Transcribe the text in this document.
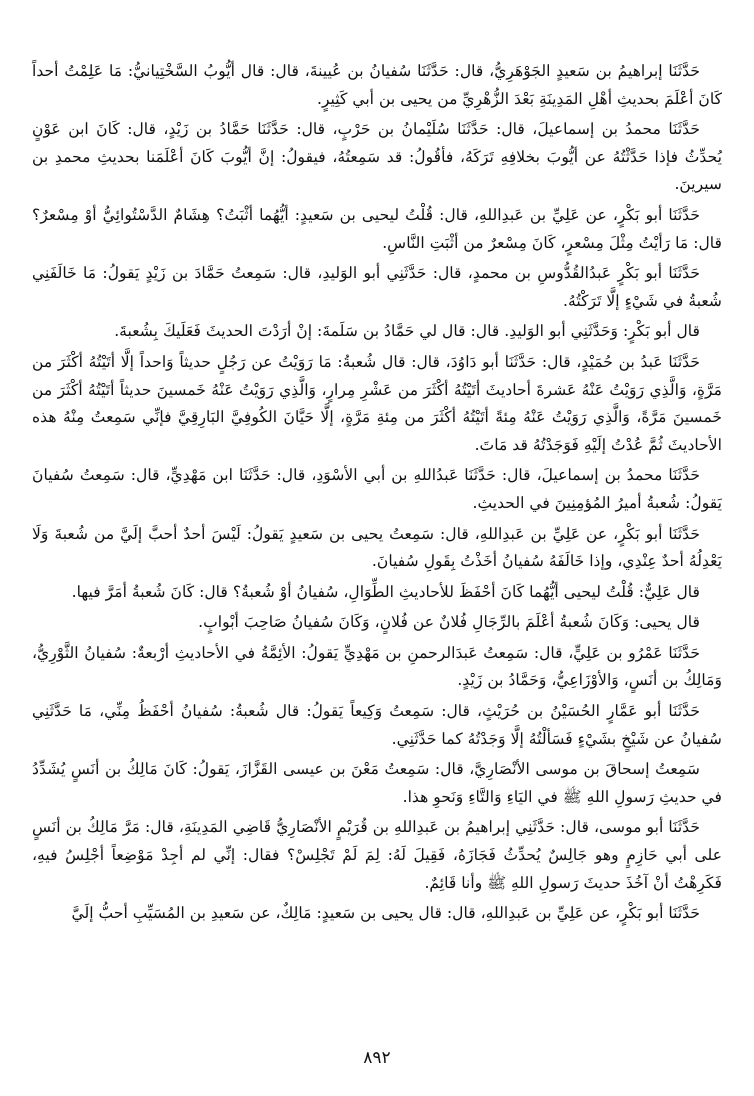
حَدَّثَنَا إبراهيمُ بن سَعيدٍ الجَوْهَرِيُّ، قال: حَدَّثَنَا سُفيانُ بن عُيينةَ، قال: قال أيُّوبُ السَّخْتِيانيُّ: مَا عَلِمْتُ أحداً كَانَ أعْلَمَ بحديثِ أهْلِ المَدِينَةِ بَعْدَ الزُّهْرِيِّ من يحيى بن أبي كَثِيرٍ.

حَدَّثَنَا محمدُ بن إسماعيلَ، قال: حَدَّثَنَا سُلَيْمانُ بن حَرْبٍ، قال: حَدَّثَنَا حَمَّادُ بن زَيْدٍ، قال: كَانَ ابن عَوْنٍ يُحدِّثُ فإذا حَدَّثْتُهُ عن أيُّوبَ بخلافِهِ تَرَكَهُ، فأقُولُ: قد سَمِعتُهُ، فيقولُ: إنَّ أيُّوبَ كَانَ أعْلَمَنا بحديثِ محمدِ بن سيرينَ.

حَدَّثَنَا أبو بَكْرٍ، عن عَلِيِّ بن عَبدِاللهِ، قال: قُلْتُ ليحيى بن سَعيدٍ: أيُّهُما أثْبَتُ؟ هِشَامٌ الدَّسْتُوائِيُّ أوْ مِسْعرٌ؟ قال: مَا رَأيْتُ مِثْلَ مِسْعرٍ، كَانَ مِسْعرٌ من أثْبَتِ النَّاسِ.

حَدَّثَنَا أبو بَكْرٍ عَبدُالقُدُّوسِ بن محمدٍ، قال: حَدَّثَنِي أبو الوَليدِ، قال: سَمِعتُ حَمَّادَ بن زَيْدٍ يَقولُ: مَا خَالَفَنِي شُعبةُ في شَيْءٍ إلَّا تَرَكْتُهُ.

قال أبو بَكْرٍ: وَحَدَّثَنِي أبو الوَليدِ. قال: قال لي حَمَّادُ بن سَلَمةَ: إنْ أرَدْتَ الحديثَ فَعَلَيكَ بِشُعبةَ.

حَدَّثَنَا عَبدُ بن حُمَيْدٍ، قال: حَدَّثَنَا أبو دَاوُدَ، قال: قال شُعبةُ: مَا رَوَيْتُ عن رَجُلٍ حديثاً وَاحداً إلَّا أتَيْتُهُ أكْثَرَ من مَرَّةٍ، وَالَّذِي رَوَيْتُ عَنْهُ عَشرةَ أحاديثَ أتَيْتُهُ أكْثَرَ من عَشْرِ مِرارٍ، وَالَّذِي رَوَيْتُ عَنْهُ خَمسينَ حديثاً أتَيْتُهُ أكْثَرَ من خَمسينَ مَرَّةً، وَالَّذِي رَوَيْتُ عَنْهُ مِئةً أتَيْتُهُ أكْثَرَ من مِئةِ مَرَّةٍ، إلَّا حَيَّانَ الكُوفِيَّ البَارِقِيَّ فإنِّي سَمِعتُ مِنْهُ هذه الأحاديثَ ثُمَّ عُدْتُ إلَيْهِ فَوَجَدْتُهُ قد مَاتَ.

حَدَّثَنَا محمدُ بن إسماعيلَ، قال: حَدَّثَنَا عَبدُاللهِ بن أبي الأسْوَدِ، قال: حَدَّثَنَا ابن مَهْدِيٍّ، قال: سَمِعتُ سُفيانَ يَقولُ: شُعبةُ أميرُ المُؤمِنِينَ في الحديثِ.

حَدَّثَنَا أبو بَكْرٍ، عن عَلِيِّ بن عَبدِاللهِ، قال: سَمِعتُ يحيى بن سَعيدٍ يَقولُ: لَيْسَ أحدٌ أحبَّ إلَيَّ من شُعبةَ وَلَا يَعْدِلُهُ أحدٌ عِنْدِي، وإذا خَالَفَهُ سُفيانُ أخَذْتُ بِقَولِ سُفيانَ.

قال عَلِيٌّ: قُلْتُ ليحيى أيُّهُما كَانَ أحْفَظَ للأحاديثِ الطِّوَالِ، سُفيانُ أوْ شُعبةُ؟ قال: كَانَ شُعبةُ أمَرَّ فيها.

قال يحيى: وَكَانَ شُعبةُ أعْلَمَ بالرِّجَالِ فُلانٌ عن فُلانٍ، وَكَانَ سُفيانُ صَاحِبَ أبْوابٍ.

حَدَّثَنَا عَمْرُو بن عَلِيٍّ، قال: سَمِعتُ عَبدَالرحمنِ بن مَهْدِيٍّ يَقولُ: الأئِمَّةُ في الأحاديثِ أرْبعةٌ: سُفيانُ الثَّوْرِيُّ، وَمَالِكُ بن أنَسٍ، وَالأوْزَاعِيُّ، وَحَمَّادُ بن زَيْدٍ.

حَدَّثَنَا أبو عَمَّارٍ الحُسَيْنُ بن حُرَيْثٍ، قال: سَمِعتُ وَكِيعاً يَقولُ: قال شُعبةُ: سُفيانُ أحْفَظُ مِنِّي، مَا حَدَّثَنِي سُفيانُ عن شَيْخٍ بشَيْءٍ فَسَألْتُهُ إلَّا وَجَدْتُهُ كما حَدَّثَنِي.

سَمِعتُ إسحاقَ بن موسى الأنْصَارِيَّ، قال: سَمِعتُ مَعْنَ بن عيسى القَزَّازَ، يَقولُ: كَانَ مَالِكُ بن أنَسٍ يُشَدِّدُ في حديثِ رَسولِ اللهِ ﷺ في اليَاءِ وَالتَّاءِ وَنَحوِ هذا.

حَدَّثَنَا أبو موسى، قال: حَدَّثَنِي إبراهيمُ بن عَبدِاللهِ بن قُرَيْمٍ الأنْصَارِيُّ قَاضِي المَدِينَةِ، قال: مَرَّ مَالِكُ بن أنَسٍ على أبي حَازِمٍ وهو جَالِسٌ يُحدِّثُ فَجَازَهُ، فَقِيلَ لَهُ: لِمَ لَمْ تَجْلِسْ؟ فقال: إنِّي لم أجِدْ مَوْضِعاً أجْلِسُ فيهِ، فَكَرِهْتُ أنْ آخُذَ حديثَ رَسولِ اللهِ ﷺ وأنا قَائِمٌ.

حَدَّثَنَا أبو بَكْرٍ، عن عَلِيِّ بن عَبدِاللهِ، قال: قال يحيى بن سَعيدٍ: مَالِكٌ، عن سَعيدِ بن المُسَيِّبِ أحبُّ إلَيَّ

٨٩٢
